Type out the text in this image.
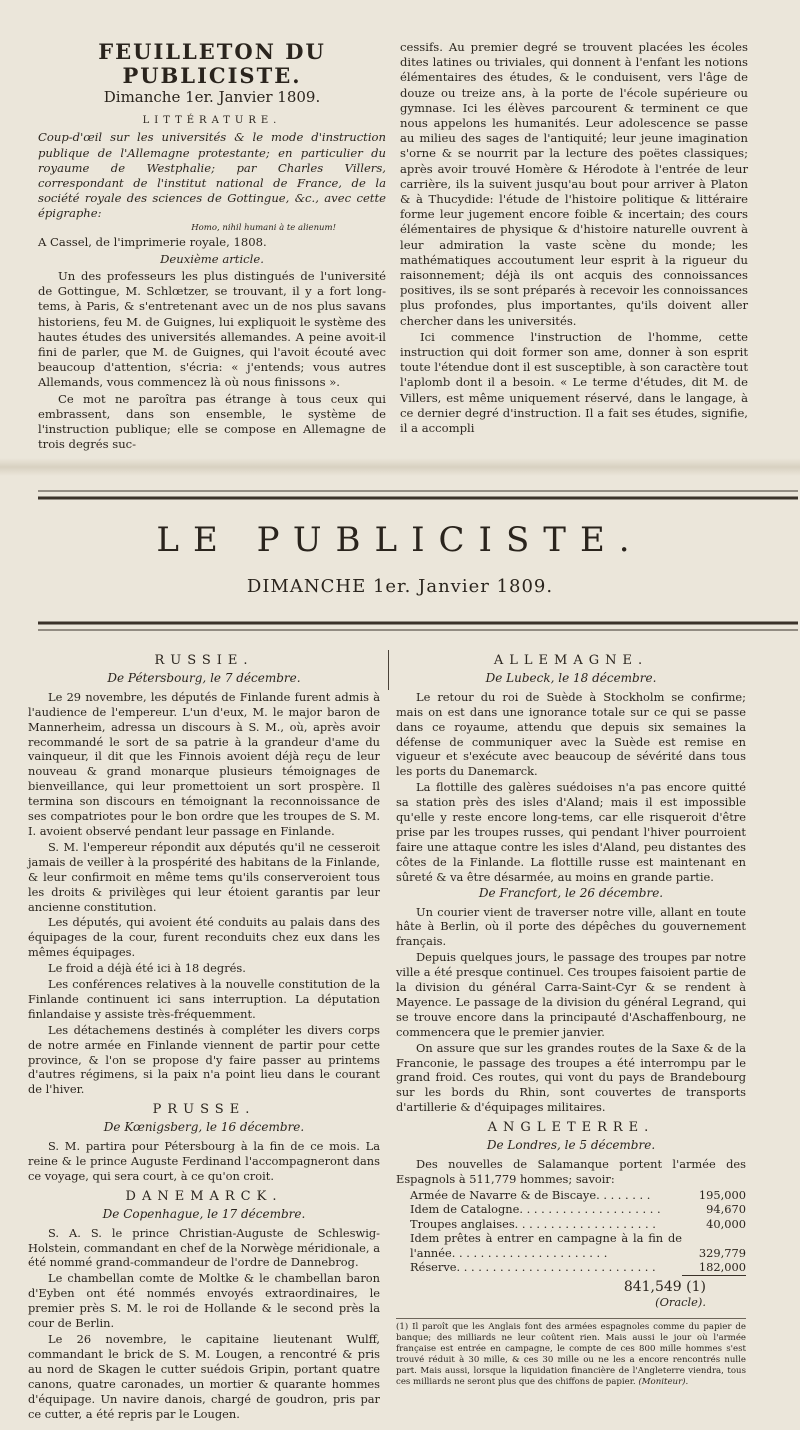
FEUILLETON DU PUBLICISTE.
Dimanche 1er. Janvier 1809.
LITTÉRATURE.

Coup-d'œil sur les universités & le mode d'instruction publique de l'Allemagne protestante; en particulier du royaume de Westphalie; par Charles Villers, correspondant de l'institut national de France, de la société royale des sciences de Gottingue, &c., avec cette épigraphe:

Homo, nihil humani à te alienum!

A Cassel, de l'imprimerie royale, 1808.

Deuxième article.

Un des professeurs les plus distingués de l'université de Gottingue, M. Schlœtzer, se trouvant, il y a fort long-tems, à Paris, & s'entretenant avec un de nos plus savans historiens, feu M. de Guignes, lui expliquoit le système des hautes études des universités allemandes. A peine avoit-il fini de parler, que M. de Guignes, qui l'avoit écouté avec beaucoup d'attention, s'écria: « j'entends; vous autres Allemands, vous commencez là où nous finissons ».

Ce mot ne paroîtra pas étrange à tous ceux qui embrassent, dans son ensemble, le système de l'instruction publique; elle se compose en Allemagne de trois degrés suc-

cessifs. Au premier degré se trouvent placées les écoles dites latines ou triviales, qui donnent à l'enfant les notions élémentaires des études, & le conduisent, vers l'âge de douze ou treize ans, à la porte de l'école supérieure ou gymnase. Ici les élèves parcourent & terminent ce que nous appelons les humanités. Leur adolescence se passe au milieu des sages de l'antiquité; leur jeune imagination s'orne & se nourrit par la lecture des poëtes classiques; après avoir trouvé Homère & Hérodote à l'entrée de leur carrière, ils la suivent jusqu'au bout pour arriver à Platon & à Thucydide: l'étude de l'histoire politique & littéraire forme leur jugement encore foible & incertain; des cours élémentaires de physique & d'histoire naturelle ouvrent à leur admiration la vaste scène du monde; les mathématiques accoutument leur esprit à la rigueur du raisonnement; déjà ils ont acquis des connoissances positives, ils se sont préparés à recevoir les connoissances plus profondes, plus importantes, qu'ils doivent aller chercher dans les universités.

Ici commence l'instruction de l'homme, cette instruction qui doit former son ame, donner à son esprit toute l'étendue dont il est susceptible, à son caractère tout l'aplomb dont il a besoin. « Le terme d'études, dit M. de Villers, est même uniquement réservé, dans le langage, à ce dernier degré d'instruction. Il a fait ses études, signifie, il a accompli

LE PUBLICISTE.
DIMANCHE 1er. Janvier 1809.
RUSSIE.
De Pétersbourg, le 7 décembre.

Le 29 novembre, les députés de Finlande furent admis à l'audience de l'empereur. L'un d'eux, M. le major baron de Mannerheim, adressa un discours à S. M., où, après avoir recommandé le sort de sa patrie à la grandeur d'ame du vainqueur, il dit que les Finnois avoient déjà reçu de leur nouveau & grand monarque plusieurs témoignages de bienveillance, qui leur promettoient un sort prospère. Il termina son discours en témoignant la reconnoissance de ses compatriotes pour le bon ordre que les troupes de S. M. I. avoient observé pendant leur passage en Finlande.

S. M. l'empereur répondit aux députés qu'il ne cesseroit jamais de veiller à la prospérité des habitans de la Finlande, & leur confirmoit en même tems qu'ils conserveroient tous les droits & privilèges qui leur étoient garantis par leur ancienne constitution.

Les députés, qui avoient été conduits au palais dans des équipages de la cour, furent reconduits chez eux dans les mêmes équipages.

Le froid a déjà été ici à 18 degrés.

Les conférences relatives à la nouvelle constitution de la Finlande continuent ici sans interruption. La députation finlandaise y assiste très-fréquemment.

Les détachemens destinés à compléter les divers corps de notre armée en Finlande viennent de partir pour cette province, & l'on se propose d'y faire passer au printems d'autres régimens, si la paix n'a point lieu dans le courant de l'hiver.

PRUSSE.
De Kœnigsberg, le 16 décembre.

S. M. partira pour Pétersbourg à la fin de ce mois. La reine & le prince Auguste Ferdinand l'accompagneront dans ce voyage, qui sera court, à ce qu'on croit.

DANEMARCK.
De Copenhague, le 17 décembre.

S. A. S. le prince Christian-Auguste de Schleswig-Holstein, commandant en chef de la Norwège méridionale, a été nommé grand-commandeur de l'ordre de Dannebrog.

Le chambellan comte de Moltke & le chambellan baron d'Eyben ont été nommés envoyés extraordinaires, le premier près S. M. le roi de Hollande & le second près la cour de Berlin.

Le 26 novembre, le capitaine lieutenant Wulff, commandant le brick de S. M. Lougen, a rencontré & pris au nord de Skagen le cutter suédois Gripin, portant quatre canons, quatre caronades, un mortier & quarante hommes d'équipage. Un navire danois, chargé de goudron, pris par ce cutter, a été repris par le Lougen.

ALLEMAGNE.
De Lubeck, le 18 décembre.

Le retour du roi de Suède à Stockholm se confirme; mais on est dans une ignorance totale sur ce qui se passe dans ce royaume, attendu que depuis six semaines la défense de communiquer avec la Suède est remise en vigueur et s'exécute avec beaucoup de sévérité dans tous les ports du Danemarck.

La flottille des galères suédoises n'a pas encore quitté sa station près des isles d'Aland; mais il est impossible qu'elle y reste encore long-tems, car elle risqueroit d'être prise par les troupes russes, qui pendant l'hiver pourroient faire une attaque contre les isles d'Aland, peu distantes des côtes de la Finlande. La flottille russe est maintenant en sûreté & va être désarmée, au moins en grande partie.

De Francfort, le 26 décembre.

Un courier vient de traverser notre ville, allant en toute hâte à Berlin, où il porte des dépêches du gouvernement français.

Depuis quelques jours, le passage des troupes par notre ville a été presque continuel. Ces troupes faisoient partie de la division du général Carra-Saint-Cyr & se rendent à Mayence. Le passage de la division du général Legrand, qui se trouve encore dans la principauté d'Aschaffenbourg, ne commencera que le premier janvier.

On assure que sur les grandes routes de la Saxe & de la Franconie, le passage des troupes a été interrompu par le grand froid. Ces routes, qui vont du pays de Brandebourg sur les bords du Rhin, sont couvertes de transports d'artillerie & d'équipages militaires.

ANGLETERRE.
De Londres, le 5 décembre.

Des nouvelles de Salamanque portent l'armée des Espagnols à 511,779 hommes; savoir:

Armée de Navarre & de Biscaye. . . . . . . .	195,000
Idem de Catalogne. . . . . . . . . . . . . . . . . . . .	94,670
Troupes anglaises. . . . . . . . . . . . . . . . . . . .	40,000
Idem prêtes à entrer en campagne à la fin de l'année. . . . . . . . . . . . . . . . . . . . . .	329,779
Réserve. . . . . . . . . . . . . . . . . . . . . . . . . . . .	182,000
841,549 (1)
(Oracle).
(1) Il paroît que les Anglais font des armées espagnoles comme du papier de banque; des milliards ne leur coûtent rien. Mais aussi le jour où l'armée française est entrée en campagne, le compte de ces 800 mille hommes s'est trouvé réduit à 30 mille, & ces 30 mille ou ne les a encore rencontrés nulle part. Mais aussi, lorsque la liquidation financière de l'Angleterre viendra, tous ces milliards ne seront plus que des chiffons de papier. (Moniteur).
